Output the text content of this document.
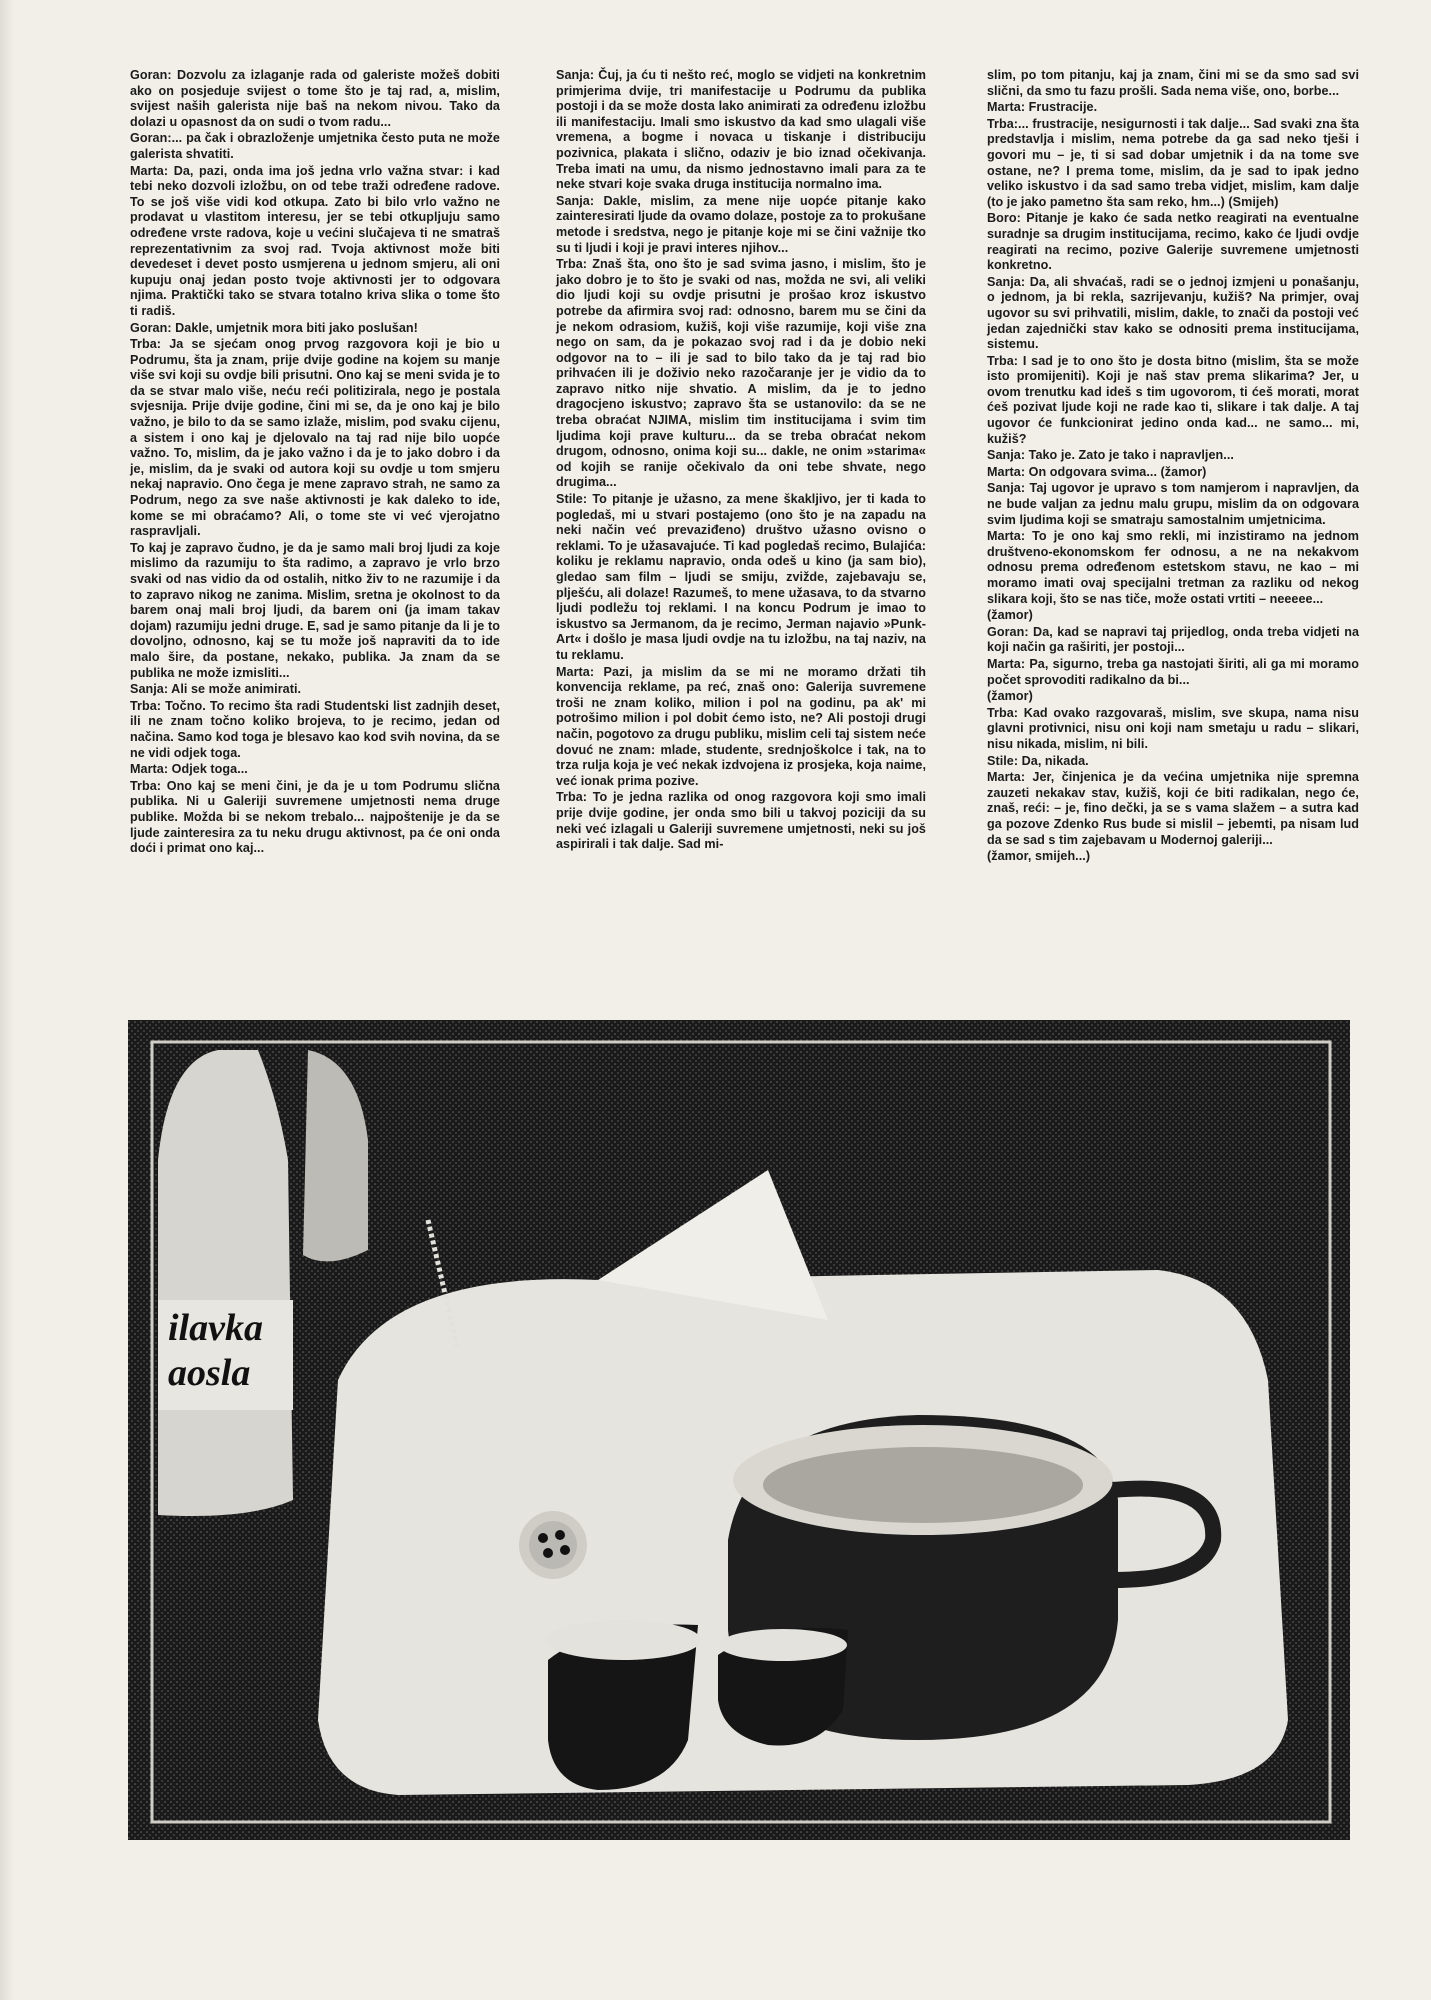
Goran: Dozvolu za izlaganje rada od galeriste možeš dobiti ako on posjeduje svijest o tome što je taj rad, a, mislim, svijest naših galerista nije baš na nekom nivou. Tako da dolazi u opasnost da on sudi o tvom radu...

Goran:... pa čak i obrazloženje umjetnika često puta ne može galerista shvatiti.

Marta: Da, pazi, onda ima još jedna vrlo važna stvar: i kad tebi neko dozvoli izložbu, on od tebe traži određene radove. To se još više vidi kod otkupa. Zato bi bilo vrlo važno ne prodavat u vlastitom interesu, jer se tebi otkupljuju samo određene vrste radova, koje u većini slučajeva ti ne smatraš reprezentativnim za svoj rad. Tvoja aktivnost može biti devedeset i devet posto usmjerena u jednom smjeru, ali oni kupuju onaj jedan posto tvoje aktivnosti jer to odgovara njima. Praktički tako se stvara totalno kriva slika o tome što ti radiš.

Goran: Dakle, umjetnik mora biti jako poslušan!

Trba: Ja se sjećam onog prvog razgovora koji je bio u Podrumu, šta ja znam, prije dvije godine na kojem su manje više svi koji su ovdje bili prisutni. Ono kaj se meni svida je to da se stvar malo više, neću reći politizirala, nego je postala svjesnija. Prije dvije godine, čini mi se, da je ono kaj je bilo važno, je bilo to da se samo izlaže, mislim, pod svaku cijenu, a sistem i ono kaj je djelovalo na taj rad nije bilo uopće važno. To, mislim, da je jako važno i da je to jako dobro i da je, mislim, da je svaki od autora koji su ovdje u tom smjeru nekaj napravio. Ono čega je mene zapravo strah, ne samo za Podrum, nego za sve naše aktivnosti je kak daleko to ide, kome se mi obraćamo? Ali, o tome ste vi već vjerojatno raspravljali.

To kaj je zapravo čudno, je da je samo mali broj ljudi za koje mislimo da razumiju to šta radimo, a zapravo je vrlo brzo svaki od nas vidio da od ostalih, nitko živ to ne razumije i da to zapravo nikog ne zanima. Mislim, sretna je okolnost to da barem onaj mali broj ljudi, da barem oni (ja imam takav dojam) razumiju jedni druge. E, sad je samo pitanje da li je to dovoljno, odnosno, kaj se tu može još napraviti da to ide malo šire, da postane, nekako, publika. Ja znam da se publika ne može izmisliti...

Sanja: Ali se može animirati.

Trba: Točno. To recimo šta radi Studentski list zadnjih deset, ili ne znam točno koliko brojeva, to je recimo, jedan od načina. Samo kod toga je blesavo kao kod svih novina, da se ne vidi odjek toga.

Marta: Odjek toga...

Trba: Ono kaj se meni čini, je da je u tom Podrumu slična publika. Ni u Galeriji suvremene umjetnosti nema druge publike. Možda bi se nekom trebalo... najpoštenije je da se ljude zainteresira za tu neku drugu aktivnost, pa će oni onda doći i primat ono kaj...

Sanja: Čuj, ja ću ti nešto reć, moglo se vidjeti na konkretnim primjerima dvije, tri manifestacije u Podrumu da publika postoji i da se može dosta lako animirati za određenu izložbu ili manifestaciju. Imali smo iskustvo da kad smo ulagali više vremena, a bogme i novaca u tiskanje i distribuciju pozivnica, plakata i slično, odaziv je bio iznad očekivanja. Treba imati na umu, da nismo jednostavno imali para za te neke stvari koje svaka druga institucija normalno ima.

Sanja: Dakle, mislim, za mene nije uopće pitanje kako zainteresirati ljude da ovamo dolaze, postoje za to prokušane metode i sredstva, nego je pitanje koje mi se čini važnije tko su ti ljudi i koji je pravi interes njihov...

Trba: Znaš šta, ono što je sad svima jasno, i mislim, što je jako dobro je to što je svaki od nas, možda ne svi, ali veliki dio ljudi koji su ovdje prisutni je prošao kroz iskustvo potrebe da afirmira svoj rad: odnosno, barem mu se čini da je nekom odrasiom, kužiš, koji više razumije, koji više zna nego on sam, da je pokazao svoj rad i da je dobio neki odgovor na to – ili je sad to bilo tako da je taj rad bio prihvaćen ili je doživio neko razočaranje jer je vidio da to zapravo nitko nije shvatio. A mislim, da je to jedno dragocjeno iskustvo; zapravo šta se ustanovilo: da se ne treba obraćat NJIMA, mislim tim institucijama i svim tim ljudima koji prave kulturu... da se treba obraćat nekom drugom, odnosno, onima koji su... dakle, ne onim »starima« od kojih se ranije očekivalo da oni tebe shvate, nego drugima...

Stile: To pitanje je užasno, za mene škakljivo, jer ti kada to pogledaš, mi u stvari postajemo (ono što je na zapadu na neki način već prevaziđeno) društvo užasno ovisno o reklami. To je užasavajuće. Ti kad pogledaš recimo, Bulajića: koliku je reklamu napravio, onda odeš u kino (ja sam bio), gledao sam film – ljudi se smiju, zviždе, zajebavaju se, plješću, ali dolaze! Razumeš, to mene užasava, to da stvarno ljudi podležu toj reklami. I na koncu Podrum je imao to iskustvo sa Jermanom, da je recimo, Jerman najavio »Punk-Art« i došlo je masa ljudi ovdje na tu izložbu, na taj naziv, na tu reklamu.

Marta: Pazi, ja mislim da se mi ne moramo držati tih konvencija reklame, pa reć, znaš ono: Galerija suvremene troši ne znam koliko, milion i pol na godinu, pa ak' mi potrošimo milion i pol dobit ćemo isto, ne? Ali postoji drugi način, pogotovo za drugu publiku, mislim celi taj sistem neće dovuć ne znam: mlade, studente, srednjoškolce i tak, na to trza rulja koja je već nekak izdvojena iz prosjeka, koja naime, već ionak prima pozive.

Trba: To je jedna razlika od onog razgovora koji smo imali prije dvije godine, jer onda smo bili u takvoj poziciji da su neki već izlagali u Galeriji suvremene umjetnosti, neki su još aspirirali i tak dalje. Sad mi-

slim, po tom pitanju, kaj ja znam, čini mi se da smo sad svi slični, da smo tu fazu prošli. Sada nema više, ono, borbe...

Marta: Frustracije.

Trba:... frustracije, nesigurnosti i tak dalje... Sad svaki zna šta predstavlja i mislim, nema potrebe da ga sad neko tješi i govori mu – je, ti si sad dobar umjetnik i da na tome sve ostane, ne? I prema tome, mislim, da je sad to ipak jedno veliko iskustvo i da sad samo treba vidjet, mislim, kam dalje (to je jako pametno šta sam reko, hm...) (Smijeh)

Boro: Pitanje je kako će sada netko reagirati na eventualne suradnje sa drugim institucijama, recimo, kako će ljudi ovdje reagirati na recimo, pozive Galerije suvremene umjetnosti konkretno.

Sanja: Da, ali shvaćaš, radi se o jednoj izmjeni u ponašanju, o jednom, ja bi rekla, sazrijevanju, kužiš? Na primjer, ovaj ugovor su svi prihvatili, mislim, dakle, to znači da postoji već jedan zajednički stav kako se odnositi prema institucijama, sistemu.

Trba: I sad je to ono što je dosta bitno (mislim, šta se može isto promijeniti). Koji je naš stav prema slikarima? Jer, u ovom trenutku kad ideš s tim ugovorom, ti ćeš morati, morat ćeš pozivat ljude koji ne rade kao ti, slikare i tak dalje. A taj ugovor će funkcionirat jedino onda kad... ne samo... mi, kužiš?

Sanja: Tako je. Zato je tako i napravljen...

Marta: On odgovara svima... (žamor)

Sanja: Taj ugovor je upravo s tom namjerom i napravljen, da ne bude valjan za jednu malu grupu, mislim da on odgovara svim ljudima koji se smatraju samostalnim umjetnicima.

Marta: To je ono kaj smo rekli, mi inzistiramo na jednom društveno-ekonomskom fer odnosu, a ne na nekakvom odnosu prema određenom estetskom stavu, ne kao – mi moramo imati ovaj specijalni tretman za razliku od nekog slikara koji, što se nas tiče, može ostati vrtiti – neeeee...

(žamor)

Goran: Da, kad se napravi taj prijedlog, onda treba vidjeti na koji način ga raširiti, jer postoji...

Marta: Pa, sigurno, treba ga nastojati širiti, ali ga mi moramo počet sprovoditi radikalno da bi...

(žamor)

Trba: Kad ovako razgovaraš, mislim, sve skupa, nama nisu glavni protivnici, nisu oni koji nam smetaju u radu – slikari, nisu nikada, mislim, ni bili.

Stile: Da, nikada.

Marta: Jer, činjenica je da većina umjetnika nije spremna zauzeti nekakav stav, kužiš, koji će biti radikalan, nego će, znaš, reći: – je, fino dečki, ja se s vama slažem – a sutra kad ga pozove Zdenko Rus bude si mislil – jebemti, pa nisam lud da se sad s tim zajebavam u Modernoj galeriji...

(žamor, smijeh...)

ilavka
aosla
